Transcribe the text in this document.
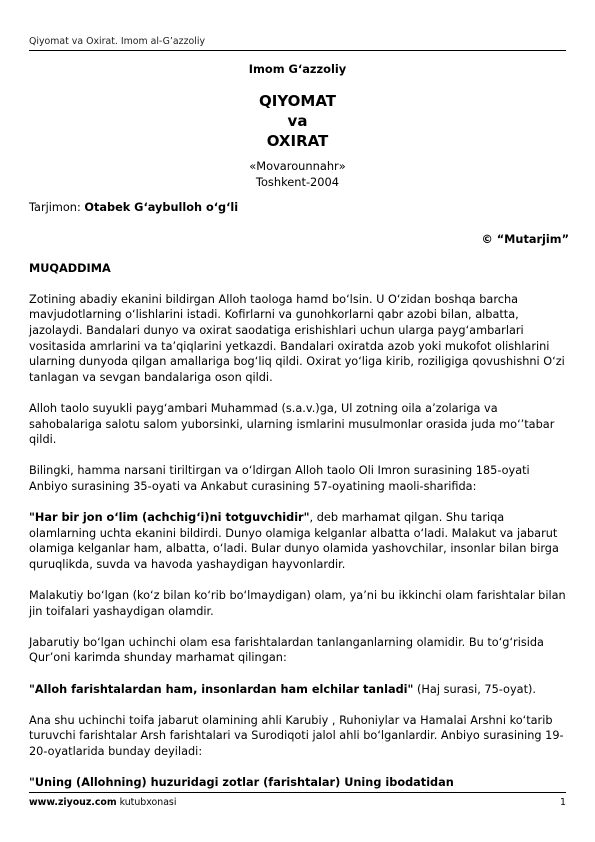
Qiyomat va Oxirat. Imom al-G’azzoliy
Imom G‘azzoliy
QIYOMAT
va
OXIRAT
«Movarounnahr»
Toshkent-2004

Tarjimon: Otabek G‘aybulloh o‘g‘li

© “Mutarjim”

MUQADDIMA

Zotining abadiy ekanini bildirgan Alloh taologa hamd bo‘lsin. U O‘zidan boshqa barcha mavjudotlarning o‘lishlarini istadi. Kofirlarni va gunohkorlarni qabr azobi bilan, albatta, jazolaydi. Bandalari dunyo va oxirat saodatiga erishishlari uchun ularga payg‘ambarlari vositasida amrlarini va ta’qiqlarini yetkazdi. Bandalari oxiratda azob yoki mukofot olishlarini ularning dunyoda qilgan amallariga bog‘liq qildi. Oxirat yo‘liga kirib, roziligiga qovushishni O‘zi tanlagan va sevgan bandalariga oson qildi.

Alloh taolo suyukli payg‘ambari Muhammad (s.a.v.)ga, Ul zotning oila a’zolariga va sahobalariga salotu salom yuborsinki, ularning ismlarini musulmonlar orasida juda mo‘’tabar qildi.

Bilingki, hamma narsani tiriltirgan va o‘ldirgan Alloh taolo Oli Imron surasining 185-oyati Anbiyo surasining 35-oyati va Ankabut curasining 57-oyatining maoli-sharifida:

"Har bir jon o‘lim (achchig‘i)ni totguvchidir", deb marhamat qilgan. Shu tariqa olamlarning uchta ekanini bildirdi. Dunyo olamiga kelganlar albatta o‘ladi. Malakut va jabarut olamiga kelganlar ham, albatta, o‘ladi. Bular dunyo olamida yashovchilar, insonlar bilan birga quruqlikda, suvda va havoda yashaydigan hayvonlardir.

Malakutiy bo‘lgan (ko‘z bilan ko‘rib bo‘lmaydigan) olam, ya’ni bu ikkinchi olam farishtalar bilan jin toifalari yashaydigan olamdir.

Jabarutiy bo‘lgan uchinchi olam esa farishtalardan tanlanganlarning olamidir. Bu to‘g‘risida Qur’oni karimda shunday marhamat qilingan:

"Alloh farishtalardan ham, insonlardan ham elchilar tanladi" (Haj surasi, 75-oyat).

Ana shu uchinchi toifa jabarut olamining ahli Karubiy , Ruhoniylar va Hamalai Arshni ko‘tarib turuvchi farishtalar Arsh farishtalari va Surodiqoti jalol ahli bo‘lganlardir. Anbiyo surasining 19-20-oyatlarida bunday deyiladi:

"Uning (Allohning) huzuridagi zotlar (farishtalar) Uning ibodatidan

www.ziyouz.com kutubxonasi	1
